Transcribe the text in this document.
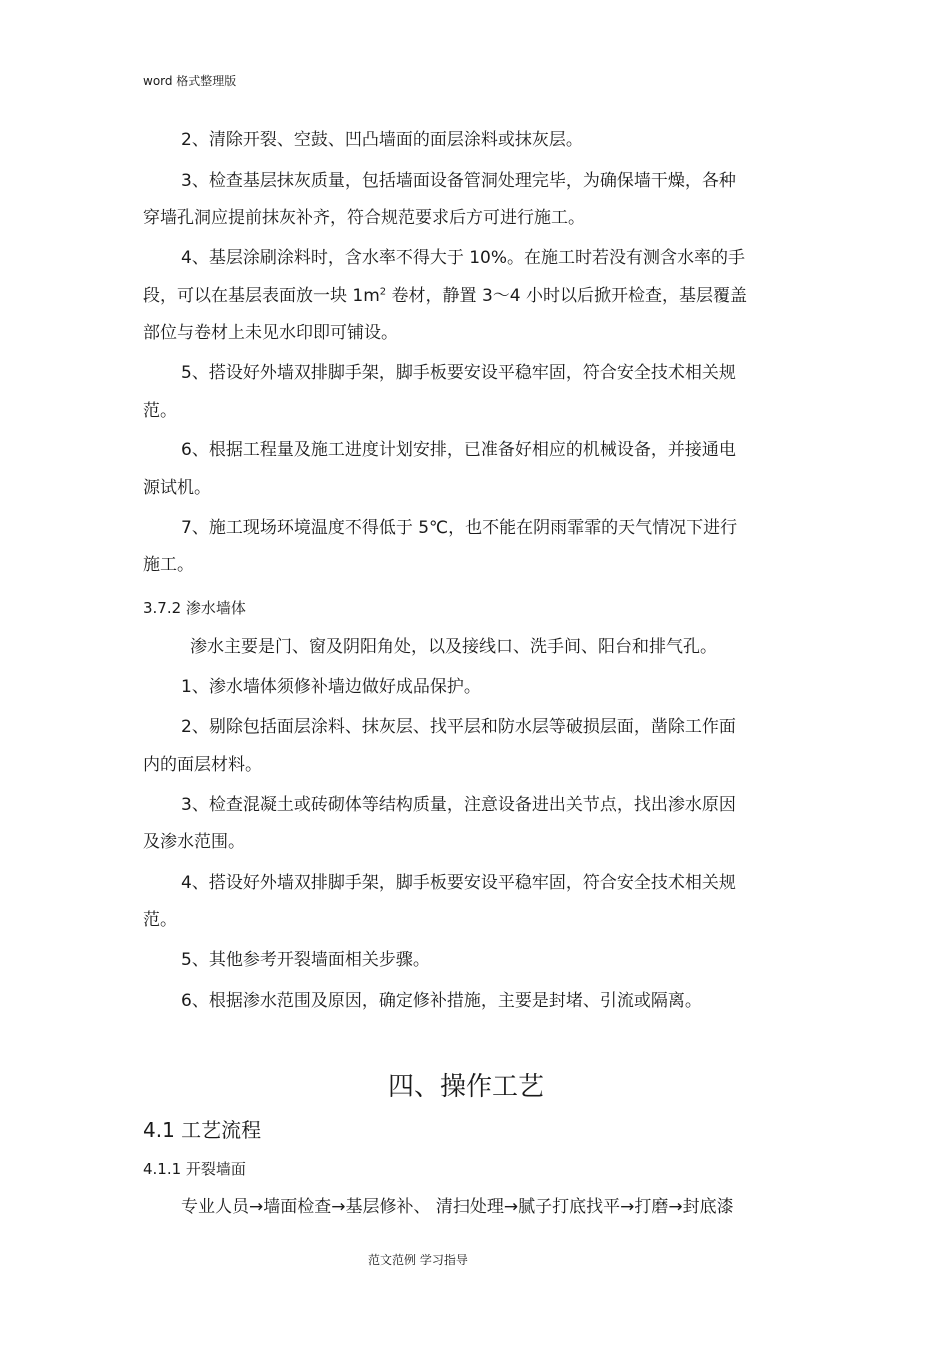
word 格式整理版
2、清除开裂、空鼓、凹凸墙面的面层涂料或抹灰层。
3、检查基层抹灰质量，包括墙面设备管洞处理完毕，为确保墙干燥，各种
穿墙孔洞应提前抹灰补齐，符合规范要求后方可进行施工。
4、基层涂刷涂料时，含水率不得大于 10%。在施工时若没有测含水率的手
段，可以在基层表面放一块 $1m^2$ 卷材，静置 3～4 小时以后掀开检查，基层覆盖
部位与卷材上未见水印即可铺设。
5、搭设好外墙双排脚手架，脚手板要安设平稳牢固，符合安全技术相关规
范。
6、根据工程量及施工进度计划安排，已准备好相应的机械设备，并接通电
源试机。
7、施工现场环境温度不得低于 5℃，也不能在阴雨霏霏的天气情况下进行
施工。
3.7.2 渗水墙体
渗水主要是门、窗及阴阳角处，以及接线口、洗手间、阳台和排气孔。
1、渗水墙体须修补墙边做好成品保护。
2、剔除包括面层涂料、抹灰层、找平层和防水层等破损层面，凿除工作面
内的面层材料。
3、检查混凝土或砖砌体等结构质量，注意设备进出关节点，找出渗水原因
及渗水范围。
4、搭设好外墙双排脚手架，脚手板要安设平稳牢固，符合安全技术相关规
范。
5、其他参考开裂墙面相关步骤。
6、根据渗水范围及原因，确定修补措施，主要是封堵、引流或隔离。
四、操作工艺
4.1 工艺流程
4.1.1 开裂墙面
专业人员→墙面检查→基层修补、 清扫处理→腻子打底找平→打磨→封底漆
范文范例 学习指导
